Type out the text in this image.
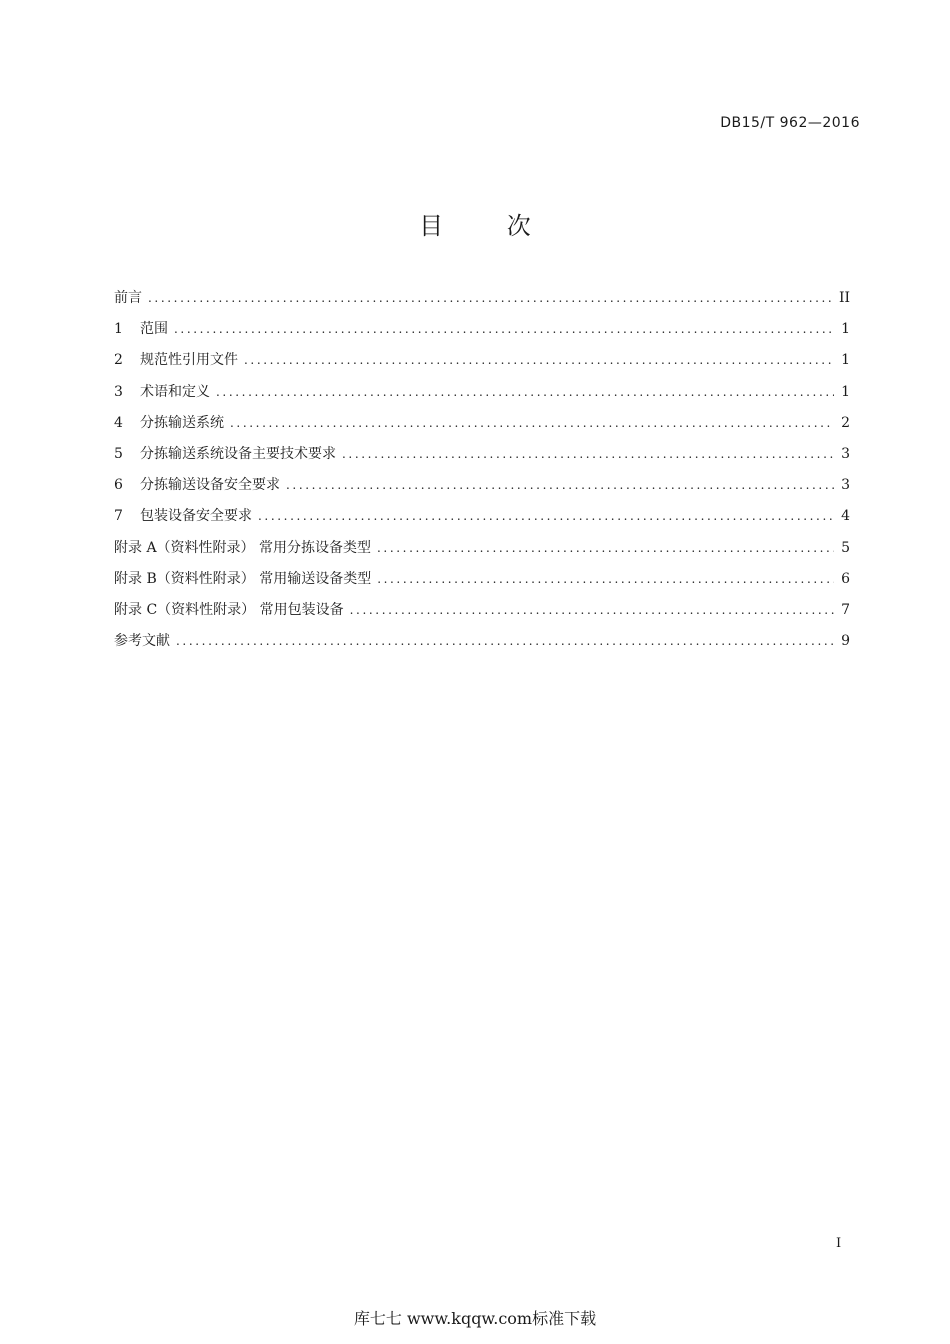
DB15/T 962—2016
目 次
前言 .....	II
1	范围 .....	1
2	规范性引用文件 .....	1
3	术语和定义 .....	1
4	分拣输送系统 .....	2
5	分拣输送系统设备主要技术要求 .....	3
6	分拣输送设备安全要求 .....	3
7	包装设备安全要求 .....	4
附录 A（资料性附录） 常用分拣设备类型 .....	5
附录 B（资料性附录） 常用输送设备类型 .....	6
附录 C（资料性附录） 常用包装设备 .....	7
参考文献 .....	9
I
库七七 www.kqqw.com标准下载
